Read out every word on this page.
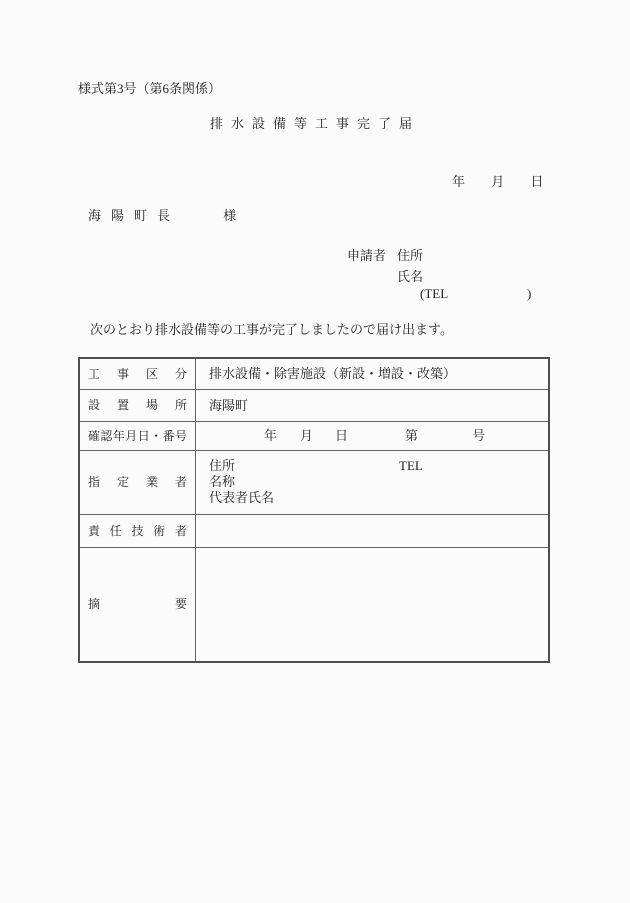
様式第3号（第6条関係）
排水設備等工事完了届
年 月 日
海陽町長	様
申請者 住所
氏名
(TEL	)
次のとおり排水設備等の工事が完了しましたので届け出ます。
工 事 区 分	排水設備・除害施設（新設・増設・改築）

設 置 場 所	海陽町

確認年月日・番号	年 月 日 第 号

指 定 業 者	住所 TEL
名称
代表者氏名

責 任 技 術 者	

摘 要	
